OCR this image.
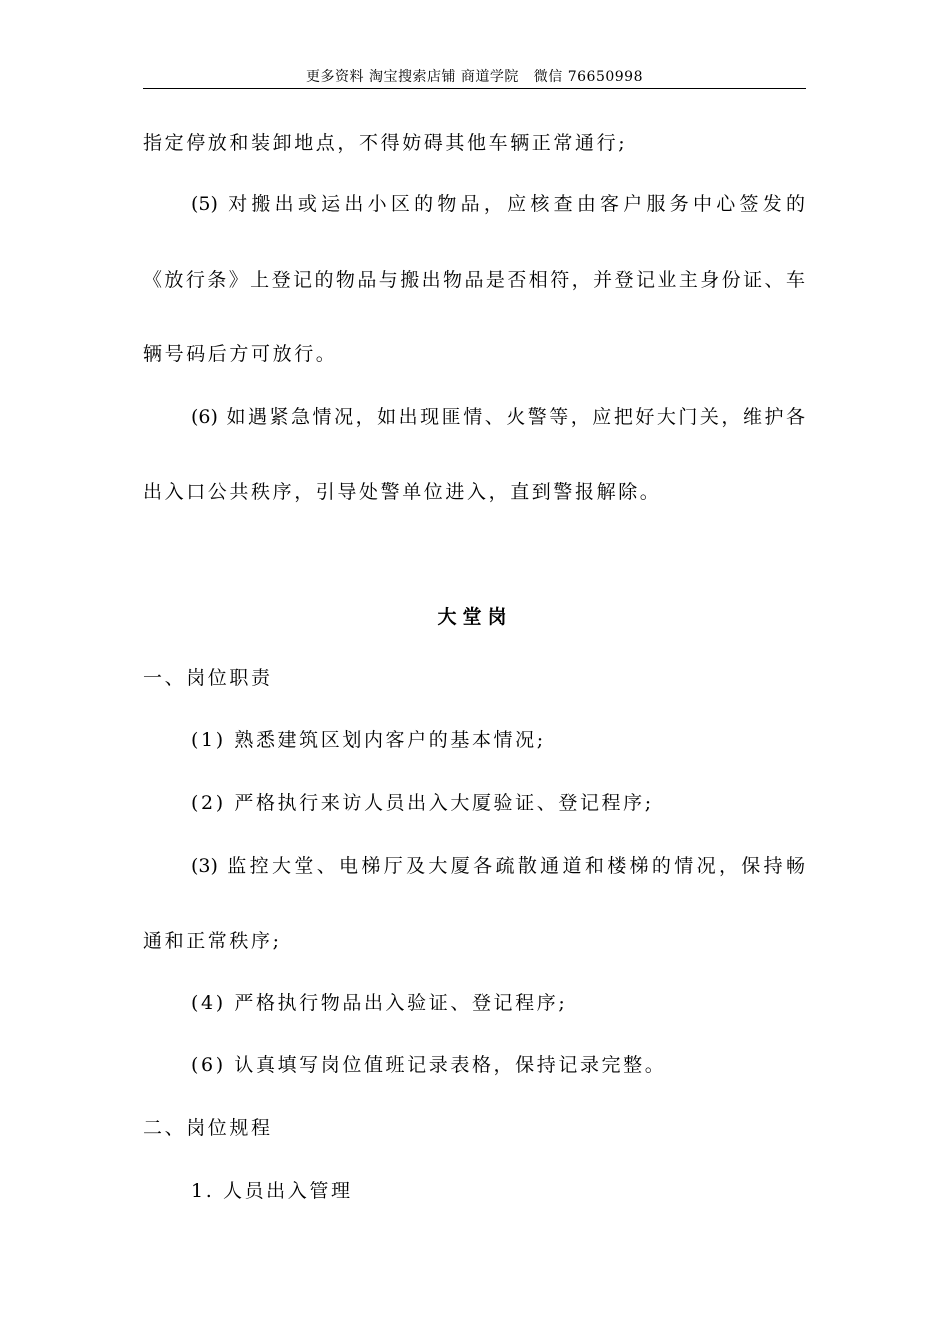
更多资料 淘宝搜索店铺 商道学院   微信 76650998
指定停放和装卸地点，不得妨碍其他车辆正常通行;
(5) 对搬出或运出小区的物品，应核查由客户服务中心签发的
《放行条》上登记的物品与搬出物品是否相符，并登记业主身份证、车
辆号码后方可放行。
(6) 如遇紧急情况，如出现匪情、火警等，应把好大门关，维护各
出入口公共秩序，引导处警单位进入，直到警报解除。
大堂岗
一、岗位职责
(1) 熟悉建筑区划内客户的基本情况;
(2) 严格执行来访人员出入大厦验证、登记程序;
(3) 监控大堂、电梯厅及大厦各疏散通道和楼梯的情况，保持畅
通和正常秩序;
(4) 严格执行物品出入验证、登记程序;
(6) 认真填写岗位值班记录表格，保持记录完整。
二、岗位规程
1. 人员出入管理
